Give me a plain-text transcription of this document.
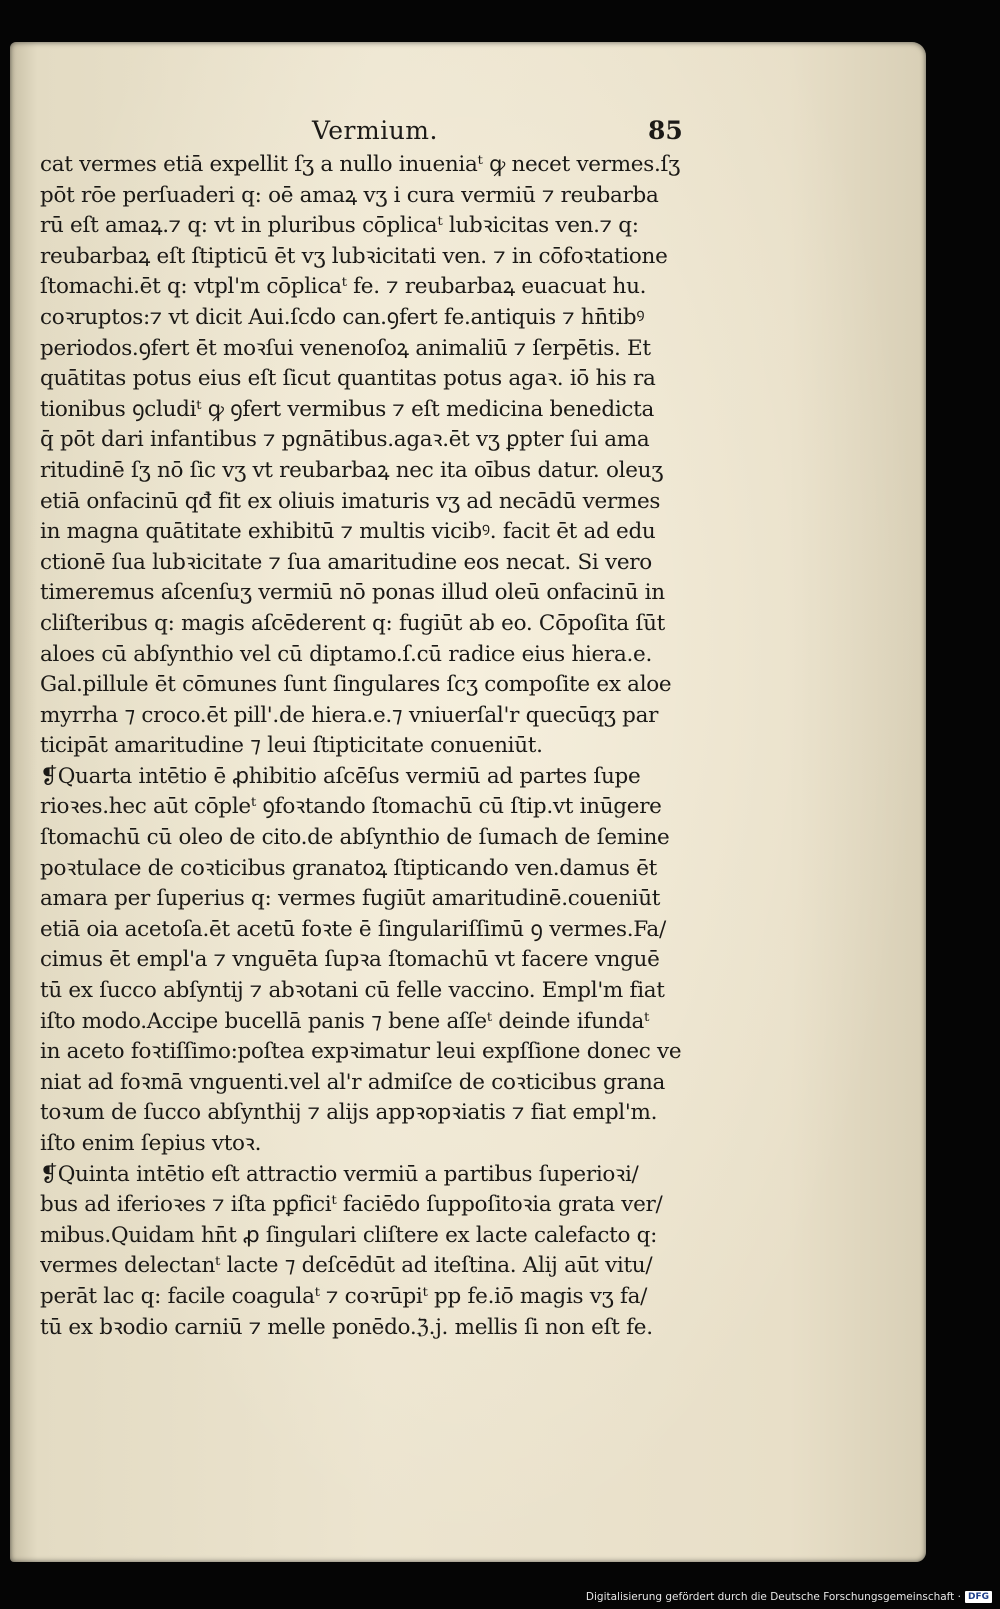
Vermium.	85
cat vermes etiā expellit ſʒ a nullo inueniaᵗ ꝙ necet vermes.ſʒ
pōt rōe perſuaderi q: oē amaꝝ vʒ i cura vermiū ⁊ reubarba
rū eſt amaꝝ.⁊ q: vt in pluribus cōplicaᵗ lubꝛicitas ven.⁊ q:
reubarbaꝝ eſt ſtipticū ēt vʒ lubꝛicitati ven. ⁊ in cōfoꝛtatione
ſtomachi.ēt q: vtpl'm cōplicaᵗ fe. ⁊ reubarbaꝝ euacuat hu.
coꝛruptos:⁊ vt dicit Aui.ſcdo can.ꝯfert fe.antiquis ⁊ hn̄tibꝰ
periodos.ꝯfert ēt moꝛſui venenoſoꝝ animaliū ⁊ ſerpētis. Et
quātitas potus eius eſt ſicut quantitas potus agaꝛ. iō his ra
tionibus ꝯcludiᵗ ꝙ ꝯfert vermibus ⁊ eſt medicina benedicta
q̄ pōt dari infantibus ⁊ pgnātibus.agaꝛ.ēt vʒ ꝑpter ſui ama
ritudinē ſʒ nō ſic vʒ vt reubarbaꝝ nec ita oībus datur. oleuʒ
etiā onfacinū qđ fit ex oliuis imaturis vʒ ad necādū vermes
in magna quātitate exhibitū ⁊ multis vicibꝰ. facit ēt ad edu
ctionē ſua lubꝛicitate ⁊ ſua amaritudine eos necat. Si vero
timeremus aſcenſuʒ vermiū nō ponas illud oleū onfacinū in
cliſteribus q: magis aſcēderent q: fugiūt ab eo. Cōpoſita ſūt
aloes cū abſynthio vel cū diptamo.ſ.cū radice eius hiera.e.
Gal.pillule ēt cōmunes ſunt ſingulares ſcʒ compoſite ex aloe
myrrha ⁊ croco.ēt pill'.de hiera.e.⁊ vniuerſal'r quecūqʒ par
ticipāt amaritudine ⁊ leui ſtipticitate conueniūt.
❡Quarta intētio ē ꝓhibitio aſcēſus vermiū ad partes ſupe
rioꝛes.hec aūt cōpleᵗ ꝯfoꝛtando ſtomachū cū ſtip.vt inūgere
ſtomachū cū oleo de cito.de abſynthio de ſumach de ſemine
poꝛtulace de coꝛticibus granatoꝝ ſtipticando ven.damus ēt
amara per ſuperius q: vermes fugiūt amaritudinē.coueniūt
etiā oia acetoſa.ēt acetū foꝛte ē ſingulariſſimū ꝯ vermes.Fa/
cimus ēt empl'a ⁊ vnguēta ſupꝛa ſtomachū vt facere vnguē
tū ex ſucco abſyntij ⁊ abꝛotani cū felle vaccino. Empl'm fiat
iſto modo.Accipe bucellā panis ⁊ bene aſſeᵗ deinde ifundaᵗ
in aceto foꝛtiſſimo:poſtea expꝛimatur leui expſſione donec ve
niat ad foꝛmā vnguenti.vel al'r admiſce de coꝛticibus grana
toꝛum de ſucco abſynthij ⁊ alijs appꝛopꝛiatis ⁊ fiat empl'm.
iſto enim ſepius vtoꝛ.
❡Quinta intētio eſt attractio vermiū a partibus ſuperioꝛi/
bus ad iferioꝛes ⁊ iſta pꝑficiᵗ faciēdo ſuppoſitoꝛia grata ver/
mibus.Quidam hn̄t ꝓ ſingulari cliſtere ex lacte calefacto q:
vermes delectanᵗ lacte ⁊ deſcēdūt ad iteſtina. Alij aūt vitu/
perāt lac q: facile coagulaᵗ ⁊ coꝛrūpiᵗ pp fe.iō magis vʒ fa/
tū ex bꝛodio carniū ⁊ melle ponēdo.ℨ.j. mellis ſi non eſt fe.
Digitalisierung gefördert durch die Deutsche Forschungsgemeinschaft · DFG
